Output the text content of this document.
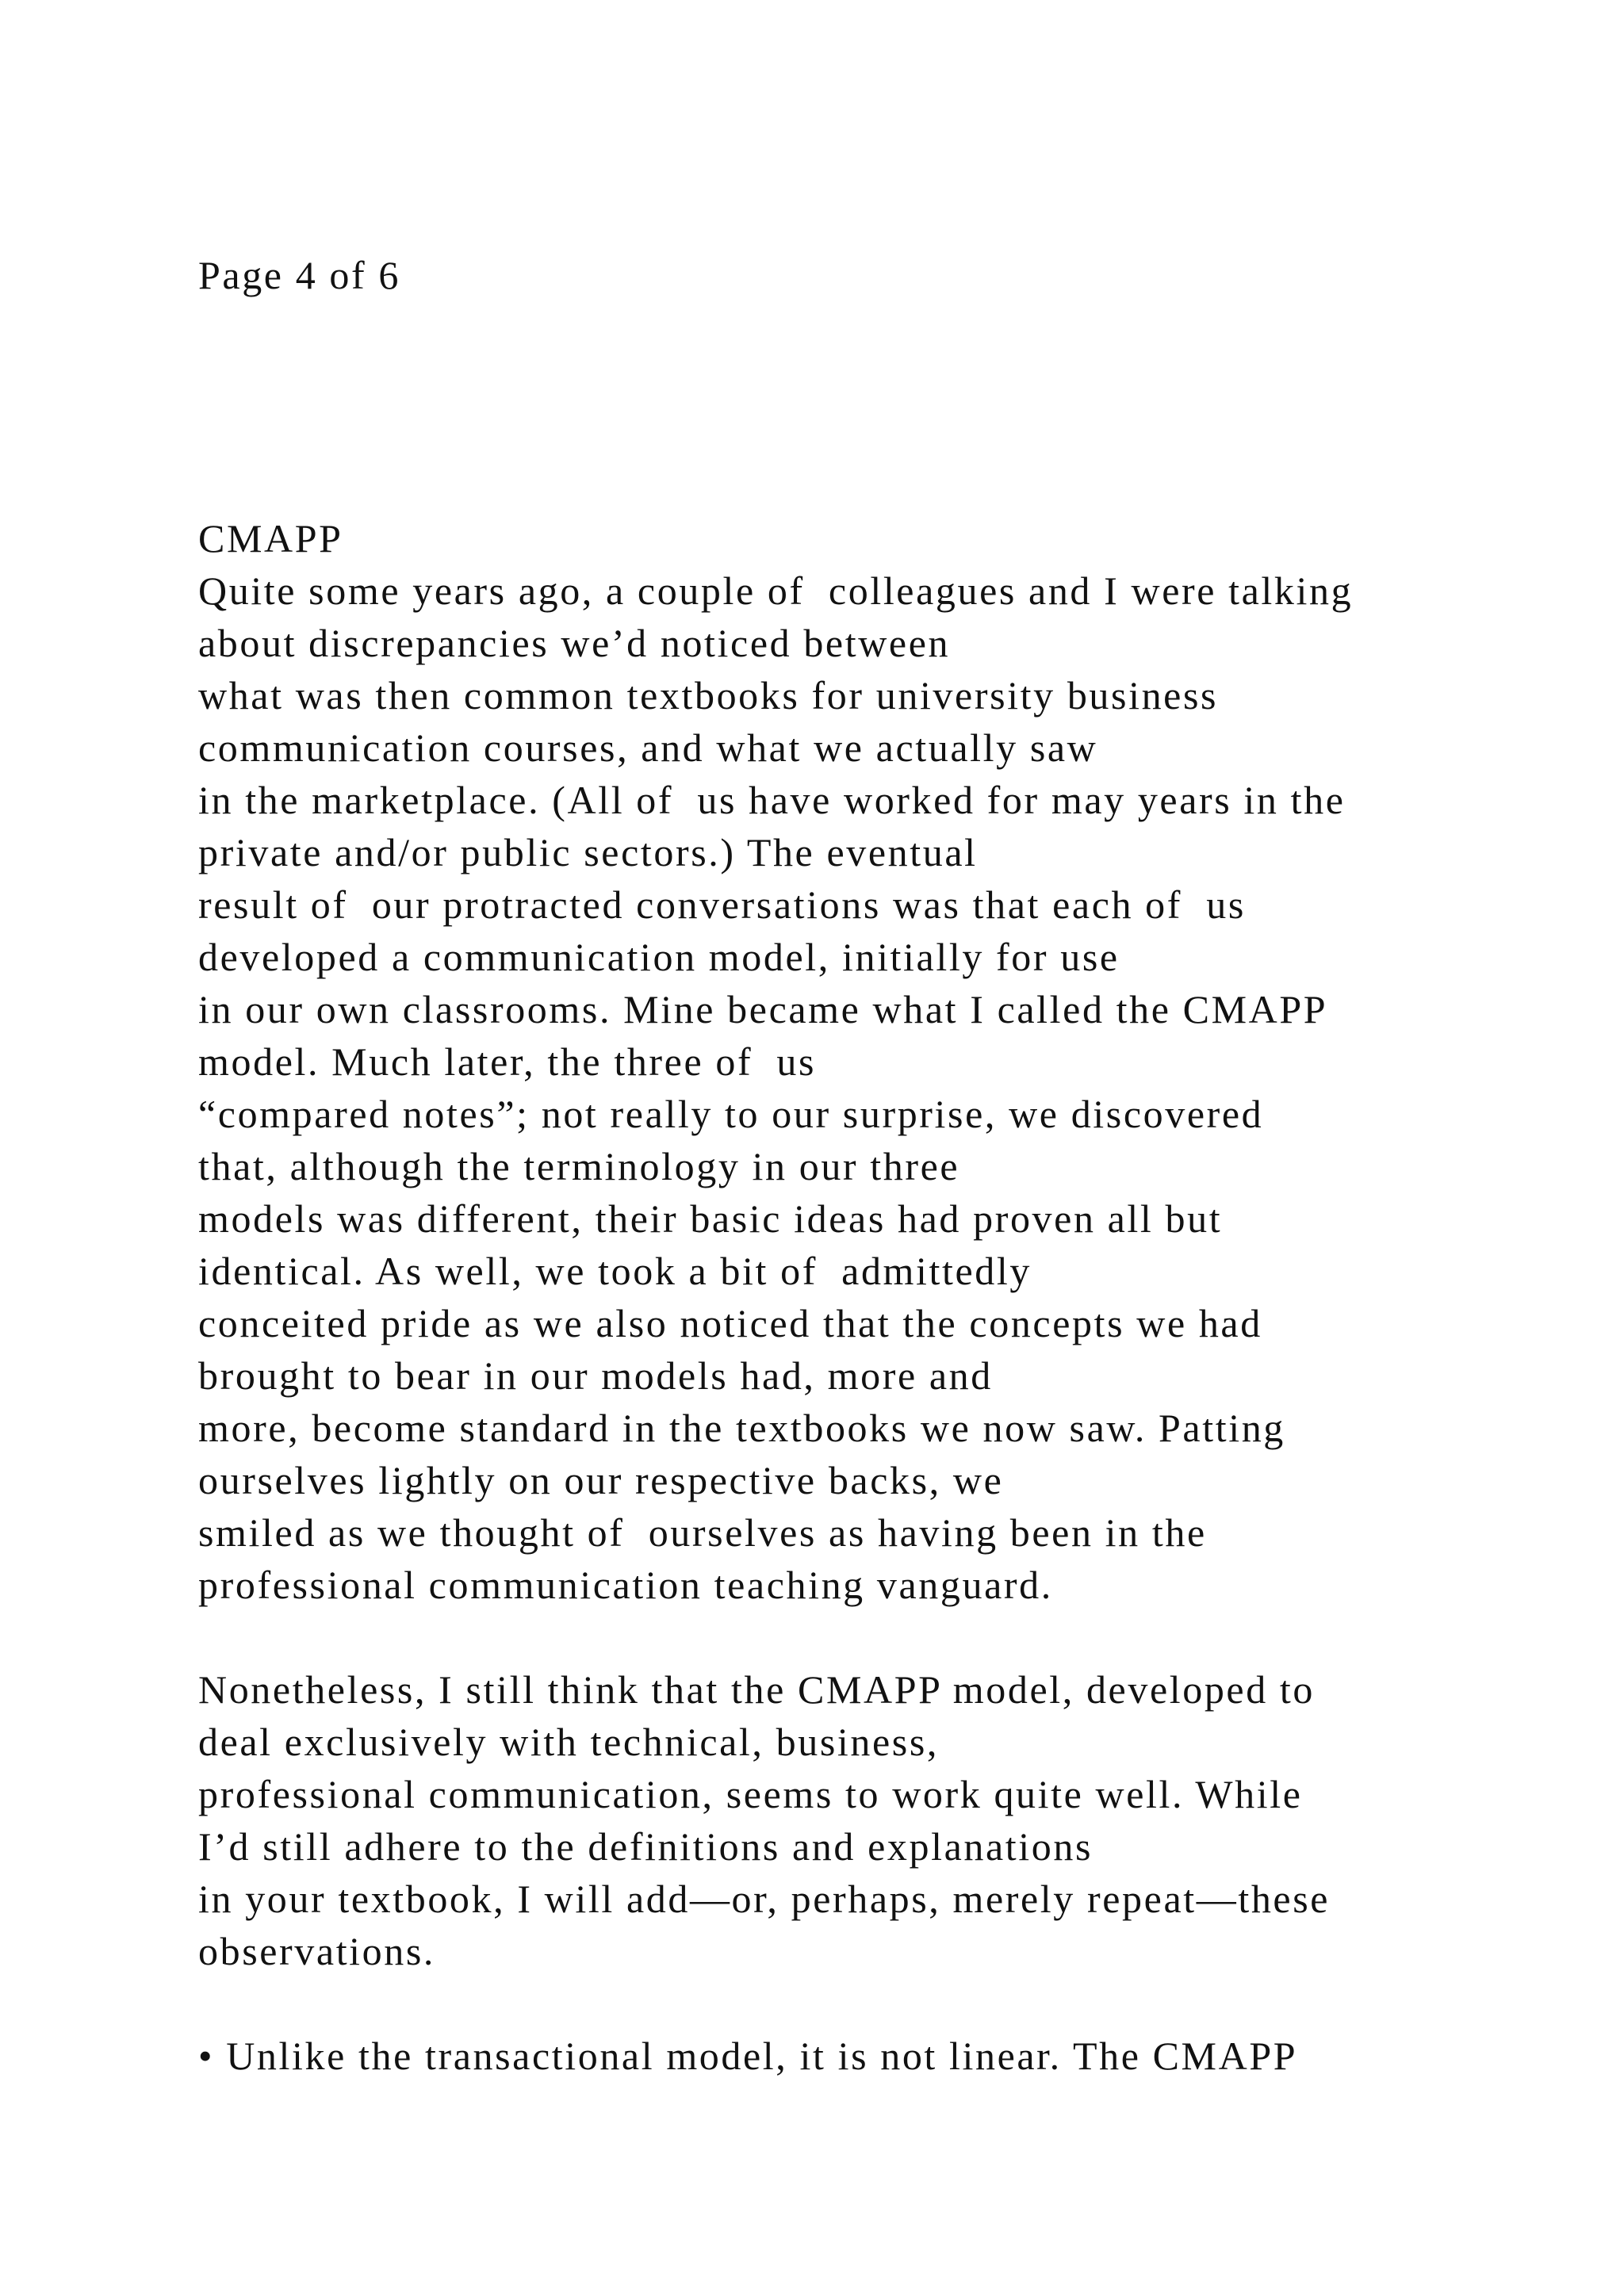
Page 4 of 6
CMAPP
Quite some years ago, a couple of  colleagues and I were talking
about discrepancies we’d noticed between
what was then common textbooks for university business
communication courses, and what we actually saw
in the marketplace. (All of  us have worked for may years in the
private and/or public sectors.) The eventual
result of  our protracted conversations was that each of  us
developed a communication model, initially for use
in our own classrooms. Mine became what I called the CMAPP
model. Much later, the three of  us
“compared notes”; not really to our surprise, we discovered
that, although the terminology in our three
models was different, their basic ideas had proven all but
identical. As well, we took a bit of  admittedly
conceited pride as we also noticed that the concepts we had
brought to bear in our models had, more and
more, become standard in the textbooks we now saw. Patting
ourselves lightly on our respective backs, we
smiled as we thought of  ourselves as having been in the
professional communication teaching vanguard.
Nonetheless, I still think that the CMAPP model, developed to
deal exclusively with technical, business,
professional communication, seems to work quite well. While
I’d still adhere to the definitions and explanations
in your textbook, I will add—or, perhaps, merely repeat—these
observations.
• Unlike the transactional model, it is not linear. The CMAPP
